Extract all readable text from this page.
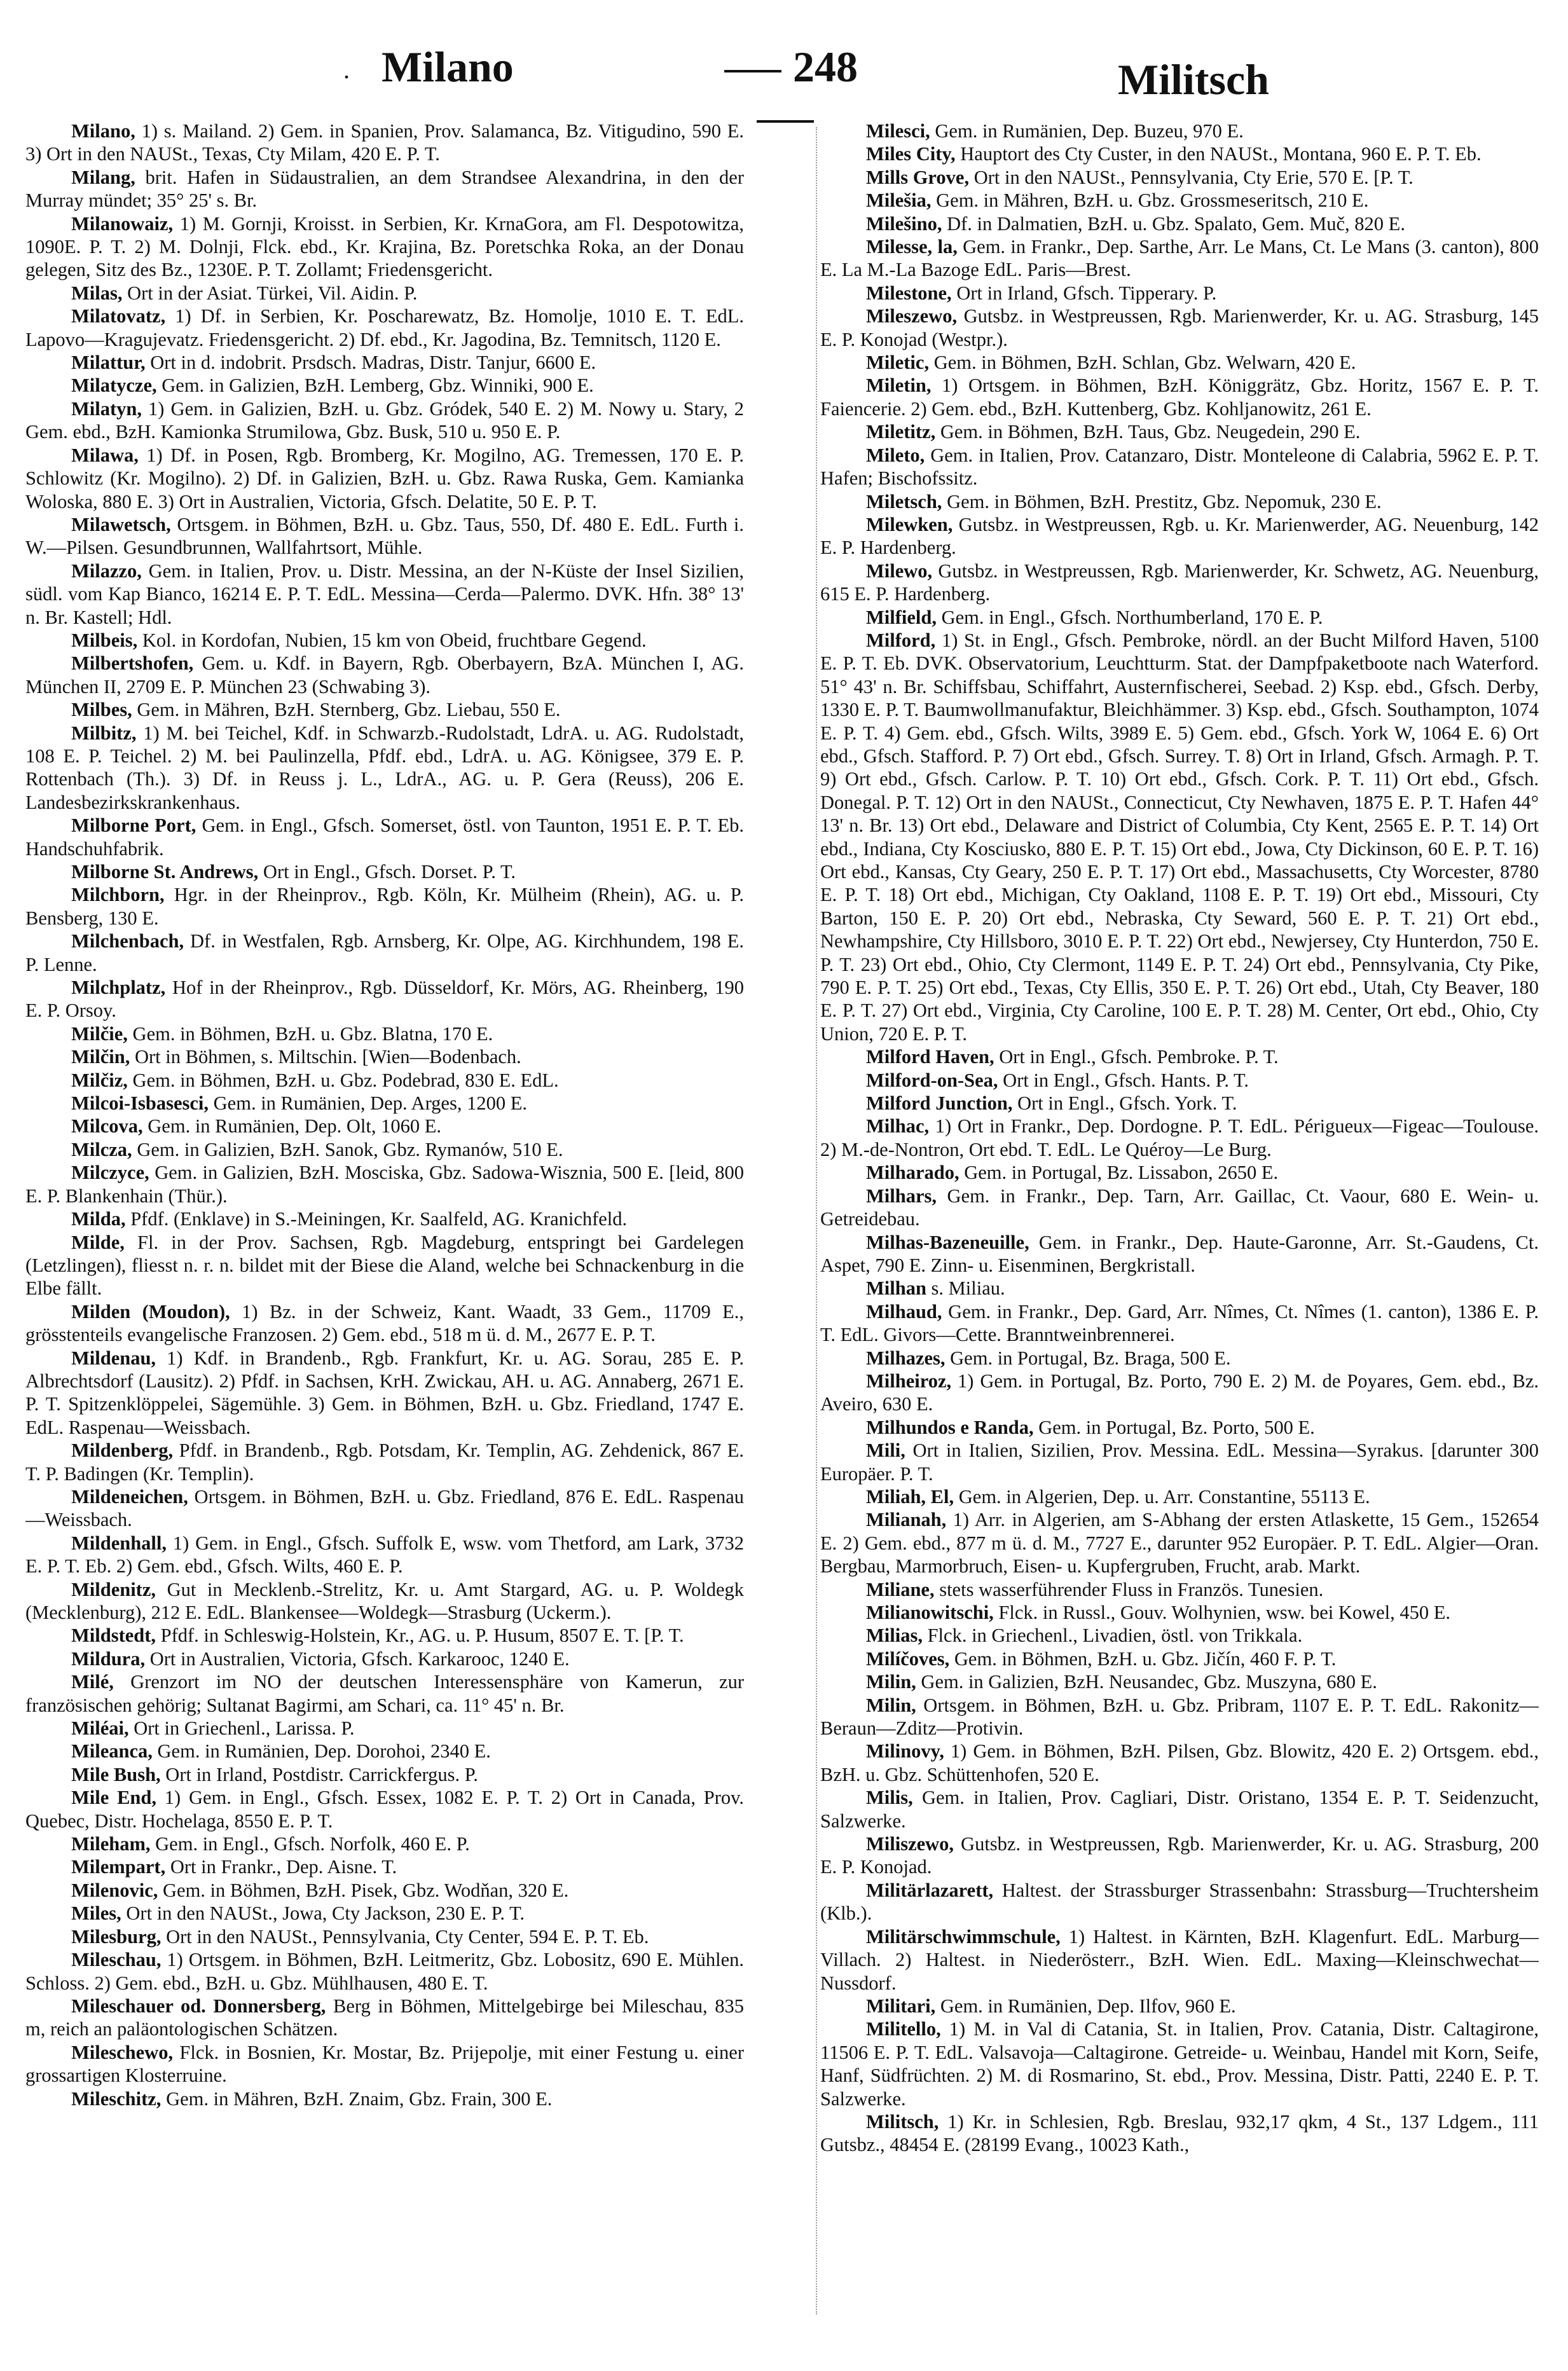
. Milano	248	Militsch

Milano, 1) s. Mailand. 2) Gem. in Spanien, Prov. Salamanca, Bz. Vitigudino, 590 E. 3) Ort in den NAUSt., Texas, Cty Milam, 420 E. P. T.

Milang, brit. Hafen in Südaustralien, an dem Strandsee Alexandrina, in den der Murray mündet; 35° 25' s. Br.

Milanowaiz, 1) M. Gornji, Kroisst. in Serbien, Kr. KrnaGora, am Fl. Despotowitza, 1090E. P. T. 2) M. Dolnji, Flck. ebd., Kr. Krajina, Bz. Poretschka Roka, an der Donau gelegen, Sitz des Bz., 1230E. P. T. Zollamt; Friedensgericht.

Milas, Ort in der Asiat. Türkei, Vil. Aidin. P.

Milatovatz, 1) Df. in Serbien, Kr. Poscharewatz, Bz. Homolje, 1010 E. T. EdL. Lapovo—Kragujevatz. Friedensgericht. 2) Df. ebd., Kr. Jagodina, Bz. Temnitsch, 1120 E.

Milattur, Ort in d. indobrit. Prsdsch. Madras, Distr. Tanjur, 6600 E.

Milatycze, Gem. in Galizien, BzH. Lemberg, Gbz. Winniki, 900 E.

Milatyn, 1) Gem. in Galizien, BzH. u. Gbz. Gródek, 540 E. 2) M. Nowy u. Stary, 2 Gem. ebd., BzH. Kamionka Strumilowa, Gbz. Busk, 510 u. 950 E. P.

Milawa, 1) Df. in Posen, Rgb. Bromberg, Kr. Mogilno, AG. Tremessen, 170 E. P. Schlowitz (Kr. Mogilno). 2) Df. in Galizien, BzH. u. Gbz. Rawa Ruska, Gem. Kamianka Woloska, 880 E. 3) Ort in Australien, Victoria, Gfsch. Delatite, 50 E. P. T.

Milawetsch, Ortsgem. in Böhmen, BzH. u. Gbz. Taus, 550, Df. 480 E. EdL. Furth i. W.—Pilsen. Gesundbrunnen, Wallfahrtsort, Mühle.

Milazzo, Gem. in Italien, Prov. u. Distr. Messina, an der N-Küste der Insel Sizilien, südl. vom Kap Bianco, 16214 E. P. T. EdL. Messina—Cerda—Palermo. DVK. Hfn. 38° 13' n. Br. Kastell; Hdl.

Milbeis, Kol. in Kordofan, Nubien, 15 km von Obeid, fruchtbare Gegend.

Milbertshofen, Gem. u. Kdf. in Bayern, Rgb. Oberbayern, BzA. München I, AG. München II, 2709 E. P. München 23 (Schwabing 3).

Milbes, Gem. in Mähren, BzH. Sternberg, Gbz. Liebau, 550 E.

Milbitz, 1) M. bei Teichel, Kdf. in Schwarzb.-Rudolstadt, LdrA. u. AG. Rudolstadt, 108 E. P. Teichel. 2) M. bei Paulinzella, Pfdf. ebd., LdrA. u. AG. Königsee, 379 E. P. Rottenbach (Th.). 3) Df. in Reuss j. L., LdrA., AG. u. P. Gera (Reuss), 206 E. Landesbezirkskrankenhaus.

Milborne Port, Gem. in Engl., Gfsch. Somerset, östl. von Taunton, 1951 E. P. T. Eb. Handschuhfabrik.

Milborne St. Andrews, Ort in Engl., Gfsch. Dorset. P. T.

Milchborn, Hgr. in der Rheinprov., Rgb. Köln, Kr. Mülheim (Rhein), AG. u. P. Bensberg, 130 E.

Milchenbach, Df. in Westfalen, Rgb. Arnsberg, Kr. Olpe, AG. Kirchhundem, 198 E. P. Lenne.

Milchplatz, Hof in der Rheinprov., Rgb. Düsseldorf, Kr. Mörs, AG. Rheinberg, 190 E. P. Orsoy.

Milčie, Gem. in Böhmen, BzH. u. Gbz. Blatna, 170 E.

Milčin, Ort in Böhmen, s. Miltschin. [Wien—Bodenbach.

Milčiz, Gem. in Böhmen, BzH. u. Gbz. Podebrad, 830 E. EdL.

Milcoi-Isbasesci, Gem. in Rumänien, Dep. Arges, 1200 E.

Milcova, Gem. in Rumänien, Dep. Olt, 1060 E.

Milcza, Gem. in Galizien, BzH. Sanok, Gbz. Rymanów, 510 E.

Milczyce, Gem. in Galizien, BzH. Mosciska, Gbz. Sadowa-Wisznia, 500 E. [leid, 800 E. P. Blankenhain (Thür.).

Milda, Pfdf. (Enklave) in S.-Meiningen, Kr. Saalfeld, AG. Kranichfeld.

Milde, Fl. in der Prov. Sachsen, Rgb. Magdeburg, entspringt bei Gardelegen (Letzlingen), fliesst n. r. n. bildet mit der Biese die Aland, welche bei Schnackenburg in die Elbe fällt.

Milden (Moudon), 1) Bz. in der Schweiz, Kant. Waadt, 33 Gem., 11709 E., grösstenteils evangelische Franzosen. 2) Gem. ebd., 518 m ü. d. M., 2677 E. P. T.

Mildenau, 1) Kdf. in Brandenb., Rgb. Frankfurt, Kr. u. AG. Sorau, 285 E. P. Albrechtsdorf (Lausitz). 2) Pfdf. in Sachsen, KrH. Zwickau, AH. u. AG. Annaberg, 2671 E. P. T. Spitzenklöppelei, Sägemühle. 3) Gem. in Böhmen, BzH. u. Gbz. Friedland, 1747 E. EdL. Raspenau—Weissbach.

Mildenberg, Pfdf. in Brandenb., Rgb. Potsdam, Kr. Templin, AG. Zehdenick, 867 E. T. P. Badingen (Kr. Templin).

Mildeneichen, Ortsgem. in Böhmen, BzH. u. Gbz. Friedland, 876 E. EdL. Raspenau—Weissbach.

Mildenhall, 1) Gem. in Engl., Gfsch. Suffolk E, wsw. vom Thetford, am Lark, 3732 E. P. T. Eb. 2) Gem. ebd., Gfsch. Wilts, 460 E. P.

Mildenitz, Gut in Mecklenb.-Strelitz, Kr. u. Amt Stargard, AG. u. P. Woldegk (Mecklenburg), 212 E. EdL. Blankensee—Woldegk—Strasburg (Uckerm.).

Mildstedt, Pfdf. in Schleswig-Holstein, Kr., AG. u. P. Husum, 8507 E. T. [P. T.

Mildura, Ort in Australien, Victoria, Gfsch. Karkarooc, 1240 E.

Milé, Grenzort im NO der deutschen Interessensphäre von Kamerun, zur französischen gehörig; Sultanat Bagirmi, am Schari, ca. 11° 45' n. Br.

Miléai, Ort in Griechenl., Larissa. P.

Mileanca, Gem. in Rumänien, Dep. Dorohoi, 2340 E.

Mile Bush, Ort in Irland, Postdistr. Carrickfergus. P.

Mile End, 1) Gem. in Engl., Gfsch. Essex, 1082 E. P. T. 2) Ort in Canada, Prov. Quebec, Distr. Hochelaga, 8550 E. P. T.

Mileham, Gem. in Engl., Gfsch. Norfolk, 460 E. P.

Milempart, Ort in Frankr., Dep. Aisne. T.

Milenovic, Gem. in Böhmen, BzH. Pisek, Gbz. Wodňan, 320 E.

Miles, Ort in den NAUSt., Jowa, Cty Jackson, 230 E. P. T.

Milesburg, Ort in den NAUSt., Pennsylvania, Cty Center, 594 E. P. T. Eb.

Mileschau, 1) Ortsgem. in Böhmen, BzH. Leitmeritz, Gbz. Lobositz, 690 E. Mühlen. Schloss. 2) Gem. ebd., BzH. u. Gbz. Mühlhausen, 480 E. T.

Mileschauer od. Donnersberg, Berg in Böhmen, Mittelgebirge bei Mileschau, 835 m, reich an paläontologischen Schätzen.

Mileschewo, Flck. in Bosnien, Kr. Mostar, Bz. Prijepolje, mit einer Festung u. einer grossartigen Klosterruine.

Mileschitz, Gem. in Mähren, BzH. Znaim, Gbz. Frain, 300 E.

Milesci, Gem. in Rumänien, Dep. Buzeu, 970 E.

Miles City, Hauptort des Cty Custer, in den NAUSt., Montana, 960 E. P. T. Eb.

Mills Grove, Ort in den NAUSt., Pennsylvania, Cty Erie, 570 E. [P. T.

Milešia, Gem. in Mähren, BzH. u. Gbz. Grossmeseritsch, 210 E.

Milešino, Df. in Dalmatien, BzH. u. Gbz. Spalato, Gem. Muč, 820 E.

Milesse, la, Gem. in Frankr., Dep. Sarthe, Arr. Le Mans, Ct. Le Mans (3. canton), 800 E. La M.-La Bazoge EdL. Paris—Brest.

Milestone, Ort in Irland, Gfsch. Tipperary. P.

Mileszewo, Gutsbz. in Westpreussen, Rgb. Marienwerder, Kr. u. AG. Strasburg, 145 E. P. Konojad (Westpr.).

Miletic, Gem. in Böhmen, BzH. Schlan, Gbz. Welwarn, 420 E.

Miletin, 1) Ortsgem. in Böhmen, BzH. Königgrätz, Gbz. Horitz, 1567 E. P. T. Faiencerie. 2) Gem. ebd., BzH. Kuttenberg, Gbz. Kohljanowitz, 261 E.

Miletitz, Gem. in Böhmen, BzH. Taus, Gbz. Neugedein, 290 E.

Mileto, Gem. in Italien, Prov. Catanzaro, Distr. Monteleone di Calabria, 5962 E. P. T. Hafen; Bischofssitz.

Miletsch, Gem. in Böhmen, BzH. Prestitz, Gbz. Nepomuk, 230 E.

Milewken, Gutsbz. in Westpreussen, Rgb. u. Kr. Marienwerder, AG. Neuenburg, 142 E. P. Hardenberg.

Milewo, Gutsbz. in Westpreussen, Rgb. Marienwerder, Kr. Schwetz, AG. Neuenburg, 615 E. P. Hardenberg.

Milfield, Gem. in Engl., Gfsch. Northumberland, 170 E. P.

Milford, 1) St. in Engl., Gfsch. Pembroke, nördl. an der Bucht Milford Haven, 5100 E. P. T. Eb. DVK. Observatorium, Leuchtturm. Stat. der Dampfpaketboote nach Waterford. 51° 43' n. Br. Schiffsbau, Schiffahrt, Austernfischerei, Seebad. 2) Ksp. ebd., Gfsch. Derby, 1330 E. P. T. Baumwollmanufaktur, Bleichhämmer. 3) Ksp. ebd., Gfsch. Southampton, 1074 E. P. T. 4) Gem. ebd., Gfsch. Wilts, 3989 E. 5) Gem. ebd., Gfsch. York W, 1064 E. 6) Ort ebd., Gfsch. Stafford. P. 7) Ort ebd., Gfsch. Surrey. T. 8) Ort in Irland, Gfsch. Armagh. P. T. 9) Ort ebd., Gfsch. Carlow. P. T. 10) Ort ebd., Gfsch. Cork. P. T. 11) Ort ebd., Gfsch. Donegal. P. T. 12) Ort in den NAUSt., Connecticut, Cty Newhaven, 1875 E. P. T. Hafen 44° 13' n. Br. 13) Ort ebd., Delaware and District of Columbia, Cty Kent, 2565 E. P. T. 14) Ort ebd., Indiana, Cty Kosciusko, 880 E. P. T. 15) Ort ebd., Jowa, Cty Dickinson, 60 E. P. T. 16) Ort ebd., Kansas, Cty Geary, 250 E. P. T. 17) Ort ebd., Massachusetts, Cty Worcester, 8780 E. P. T. 18) Ort ebd., Michigan, Cty Oakland, 1108 E. P. T. 19) Ort ebd., Missouri, Cty Barton, 150 E. P. 20) Ort ebd., Nebraska, Cty Seward, 560 E. P. T. 21) Ort ebd., Newhampshire, Cty Hillsboro, 3010 E. P. T. 22) Ort ebd., Newjersey, Cty Hunterdon, 750 E. P. T. 23) Ort ebd., Ohio, Cty Clermont, 1149 E. P. T. 24) Ort ebd., Pennsylvania, Cty Pike, 790 E. P. T. 25) Ort ebd., Texas, Cty Ellis, 350 E. P. T. 26) Ort ebd., Utah, Cty Beaver, 180 E. P. T. 27) Ort ebd., Virginia, Cty Caroline, 100 E. P. T. 28) M. Center, Ort ebd., Ohio, Cty Union, 720 E. P. T.

Milford Haven, Ort in Engl., Gfsch. Pembroke. P. T.

Milford-on-Sea, Ort in Engl., Gfsch. Hants. P. T.

Milford Junction, Ort in Engl., Gfsch. York. T.

Milhac, 1) Ort in Frankr., Dep. Dordogne. P. T. EdL. Périgueux—Figeac—Toulouse. 2) M.-de-Nontron, Ort ebd. T. EdL. Le Quéroy—Le Burg.

Milharado, Gem. in Portugal, Bz. Lissabon, 2650 E.

Milhars, Gem. in Frankr., Dep. Tarn, Arr. Gaillac, Ct. Vaour, 680 E. Wein- u. Getreidebau.

Milhas-Bazeneuille, Gem. in Frankr., Dep. Haute-Garonne, Arr. St.-Gaudens, Ct. Aspet, 790 E. Zinn- u. Eisenminen, Bergkristall.

Milhan s. Miliau.

Milhaud, Gem. in Frankr., Dep. Gard, Arr. Nîmes, Ct. Nîmes (1. canton), 1386 E. P. T. EdL. Givors—Cette. Branntweinbrennerei.

Milhazes, Gem. in Portugal, Bz. Braga, 500 E.

Milheiroz, 1) Gem. in Portugal, Bz. Porto, 790 E. 2) M. de Poyares, Gem. ebd., Bz. Aveiro, 630 E.

Milhundos e Randa, Gem. in Portugal, Bz. Porto, 500 E.

Mili, Ort in Italien, Sizilien, Prov. Messina. EdL. Messina—Syrakus. [darunter 300 Europäer. P. T.

Miliah, El, Gem. in Algerien, Dep. u. Arr. Constantine, 55113 E.

Milianah, 1) Arr. in Algerien, am S-Abhang der ersten Atlaskette, 15 Gem., 152654 E. 2) Gem. ebd., 877 m ü. d. M., 7727 E., darunter 952 Europäer. P. T. EdL. Algier—Oran. Bergbau, Marmorbruch, Eisen- u. Kupfergruben, Frucht, arab. Markt.

Miliane, stets wasserführender Fluss in Französ. Tunesien.

Milianowitschi, Flck. in Russl., Gouv. Wolhynien, wsw. bei Kowel, 450 E.

Milias, Flck. in Griechenl., Livadien, östl. von Trikkala.

Milíčoves, Gem. in Böhmen, BzH. u. Gbz. Jičín, 460 F. P. T.

Milin, Gem. in Galizien, BzH. Neusandec, Gbz. Muszyna, 680 E.

Milin, Ortsgem. in Böhmen, BzH. u. Gbz. Pribram, 1107 E. P. T. EdL. Rakonitz—Beraun—Zditz—Protivin.

Milinovy, 1) Gem. in Böhmen, BzH. Pilsen, Gbz. Blowitz, 420 E. 2) Ortsgem. ebd., BzH. u. Gbz. Schüttenhofen, 520 E.

Milis, Gem. in Italien, Prov. Cagliari, Distr. Oristano, 1354 E. P. T. Seidenzucht, Salzwerke.

Miliszewo, Gutsbz. in Westpreussen, Rgb. Marienwerder, Kr. u. AG. Strasburg, 200 E. P. Konojad.

Militärlazarett, Haltest. der Strassburger Strassenbahn: Strassburg—Truchtersheim (Klb.).

Militärschwimmschule, 1) Haltest. in Kärnten, BzH. Klagenfurt. EdL. Marburg—Villach. 2) Haltest. in Niederösterr., BzH. Wien. EdL. Maxing—Kleinschwechat—Nussdorf.

Militari, Gem. in Rumänien, Dep. Ilfov, 960 E.

Militello, 1) M. in Val di Catania, St. in Italien, Prov. Catania, Distr. Caltagirone, 11506 E. P. T. EdL. Valsavoja—Caltagirone. Getreide- u. Weinbau, Handel mit Korn, Seife, Hanf, Südfrüchten. 2) M. di Rosmarino, St. ebd., Prov. Messina, Distr. Patti, 2240 E. P. T. Salzwerke.

Militsch, 1) Kr. in Schlesien, Rgb. Breslau, 932,17 qkm, 4 St., 137 Ldgem., 111 Gutsbz., 48454 E. (28199 Evang., 10023 Kath.,
